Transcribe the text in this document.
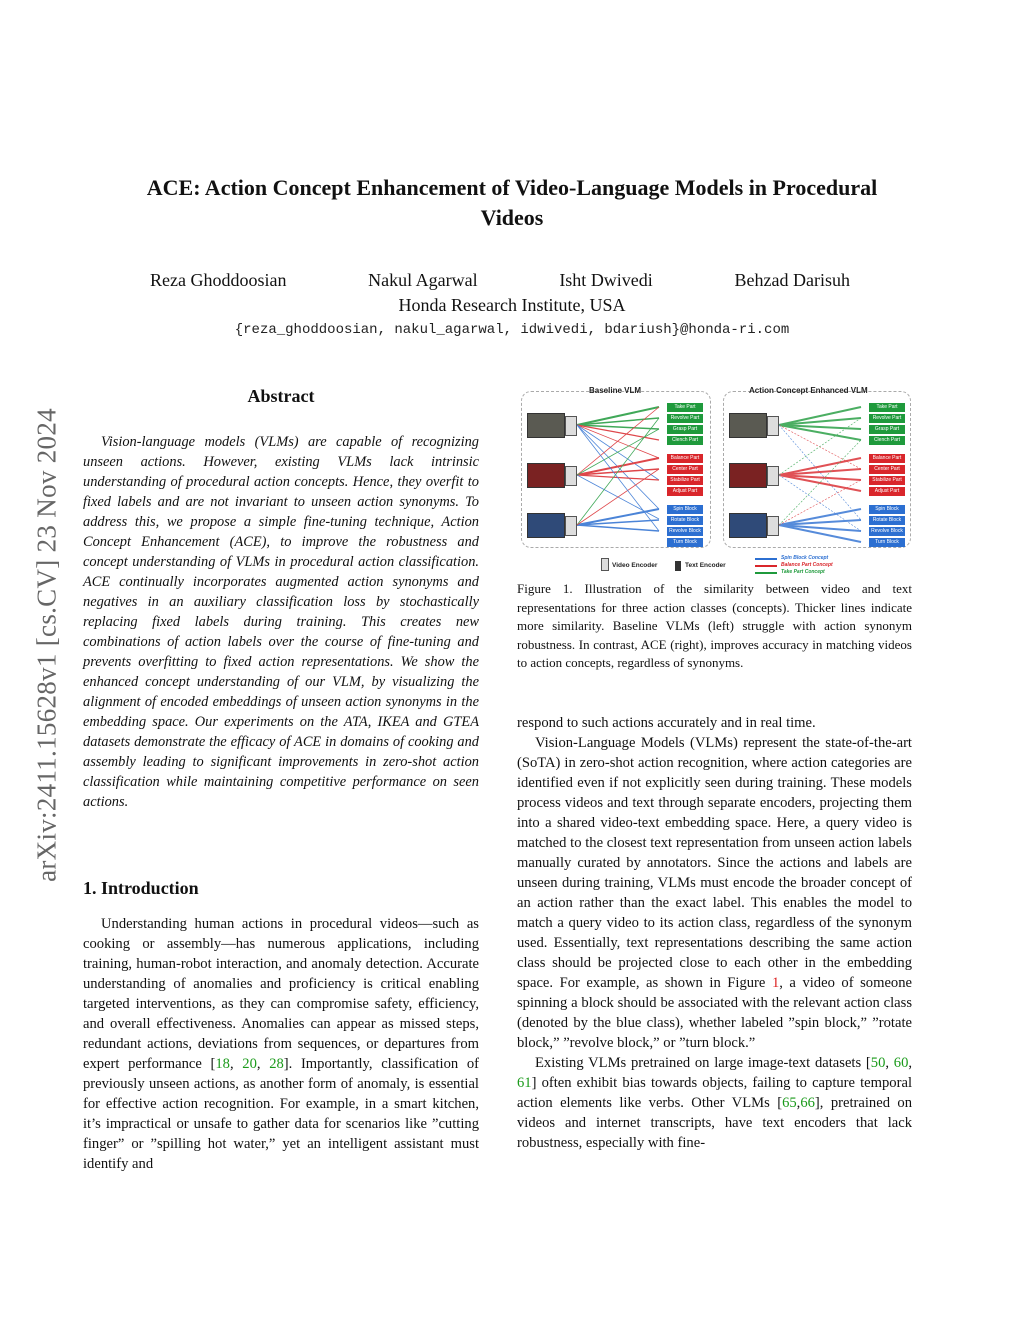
arXiv:2411.15628v1 [cs.CV] 23 Nov 2024
ACE: Action Concept Enhancement of Video-Language Models in Procedural
Videos
Reza Ghoddoosian	Nakul Agarwal	Isht Dwivedi	Behzad Darisuh
Honda Research Institute, USA
{reza_ghoddoosian, nakul_agarwal, idwivedi, bdariush}@honda-ri.com
Abstract
Vision-language models (VLMs) are capable of recognizing unseen actions. However, existing VLMs lack intrinsic understanding of procedural action concepts. Hence, they overfit to fixed labels and are not invariant to unseen action synonyms. To address this, we propose a simple fine-tuning technique, Action Concept Enhancement (ACE), to improve the robustness and concept understanding of VLMs in procedural action classification. ACE continually incorporates augmented action synonyms and negatives in an auxiliary classification loss by stochastically replacing fixed labels during training. This creates new combinations of action labels over the course of fine-tuning and prevents overfitting to fixed action representations. We show the enhanced concept understanding of our VLM, by visualizing the alignment of encoded embeddings of unseen action synonyms in the embedding space. Our experiments on the ATA, IKEA and GTEA datasets demonstrate the efficacy of ACE in domains of cooking and assembly leading to significant improvements in zero-shot action classification while maintaining competitive performance on seen actions.
1. Introduction

Understanding human actions in procedural videos—such as cooking or assembly—has numerous applications, including training, human-robot interaction, and anomaly detection. Accurate understanding of anomalies and proficiency is critical enabling targeted interventions, as they can compromise safety, efficiency, and overall effectiveness. Anomalies can appear as missed steps, redundant actions, deviations from sequences, or departures from expert performance [18, 20, 28]. Importantly, classification of previously unseen actions, as another form of anomaly, is essential for effective action recognition. For example, in a smart kitchen, it’s impractical or unsafe to gather data for scenarios like ”cutting finger” or ”spilling hot water,” yet an intelligent assistant must identify and

Baseline VLM	Action Concept Enhanced VLM
Take Part
Revolve Part
Grasp Part
Clench Part
Balance Part
Center Part
Stabilize Part
Adjust Part
Spin Block
Rotate Block
Revolve Block
Turn Block
Take Part
Revolve Part
Grasp Part
Clench Part
Balance Part
Center Part
Stabilize Part
Adjust Part
Spin Block
Rotate Block
Revolve Block
Turn Block
Video Encoder	Text Encoder
Spin Block Concept
Balance Part Concept
Take Part Concept
Figure 1. Illustration of the similarity between video and text representations for three action classes (concepts). Thicker lines indicate more similarity. Baseline VLMs (left) struggle with action synonym robustness. In contrast, ACE (right), improves accuracy in matching videos to action concepts, regardless of synonyms.

respond to such actions accurately and in real time.

Vision-Language Models (VLMs) represent the state-of-the-art (SoTA) in zero-shot action recognition, where action categories are identified even if not explicitly seen during training. These models process videos and text through separate encoders, projecting them into a shared video-text embedding space. Here, a query video is matched to the closest text representation from unseen action labels manually curated by annotators. Since the actions and labels are unseen during training, VLMs must encode the broader concept of an action rather than the exact label. This enables the model to match a query video to its action class, regardless of the synonym used. Essentially, text representations describing the same action class should be projected close to each other in the embedding space. For example, as shown in Figure 1, a video of someone spinning a block should be associated with the relevant action class (denoted by the blue class), whether labeled ”spin block,” ”rotate block,” ”revolve block,” or ”turn block.”

Existing VLMs pretrained on large image-text datasets [50, 60, 61] often exhibit bias towards objects, failing to capture temporal action elements like verbs. Other VLMs [65,66], pretrained on videos and internet transcripts, have text encoders that lack robustness, especially with fine-
